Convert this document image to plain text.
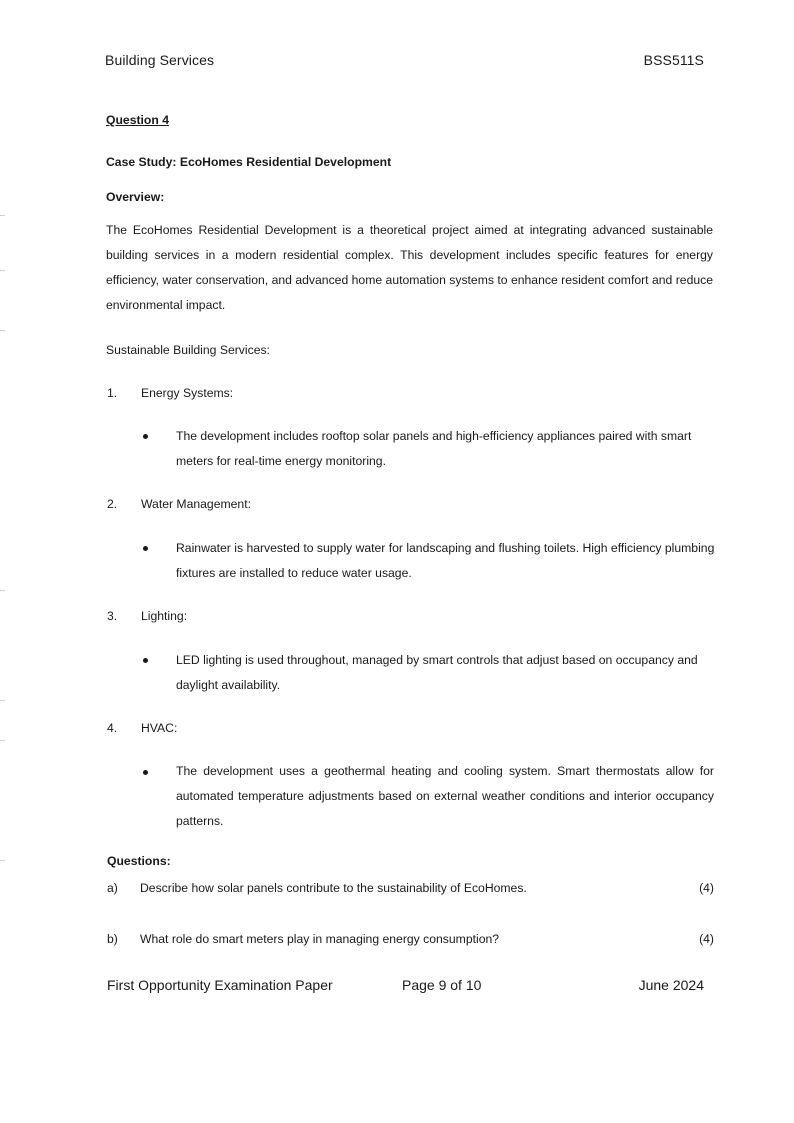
Building Services	BSS511S
Question 4
Case Study: EcoHomes Residential Development
Overview:
The EcoHomes Residential Development is a theoretical project aimed at integrating advanced sustainable building services in a modern residential complex. This development includes specific features for energy efficiency, water conservation, and advanced home automation systems to enhance resident comfort and reduce environmental impact.
Sustainable Building Services:
1. Energy Systems:
The development includes rooftop solar panels and high-efficiency appliances paired with smart meters for real-time energy monitoring.
2. Water Management:
Rainwater is harvested to supply water for landscaping and flushing toilets. High efficiency plumbing fixtures are installed to reduce water usage.
3. Lighting:
LED lighting is used throughout, managed by smart controls that adjust based on occupancy and daylight availability.
4. HVAC:
The development uses a geothermal heating and cooling system. Smart thermostats allow for automated temperature adjustments based on external weather conditions and interior occupancy patterns.
Questions:
a) Describe how solar panels contribute to the sustainability of EcoHomes.	(4)
b) What role do smart meters play in managing energy consumption?	(4)
First Opportunity Examination Paper	Page 9 of 10	June 2024
